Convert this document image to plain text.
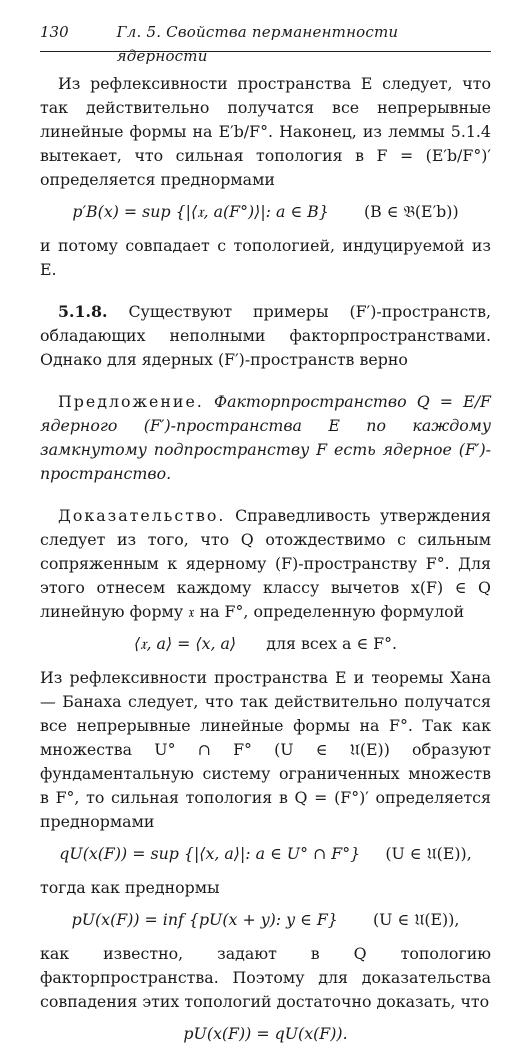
130	Гл. 5. Свойства перманентности ядерности

Из рефлексивности пространства E следует, что так действительно получатся все непрерывные линейные формы на E′b/F°. Наконец, из леммы 5.1.4 вытекает, что сильная топология в F = (E′b/F°)′ определяется преднормами

p′B(x) = sup {|⟨𝔵, a(F°)⟩|: a ∈ B} (B ∈ 𝔅(E′b))

и потому совпадает с топологией, индуцируемой из E.

5.1.8. Существуют примеры (F′)-пространств, обладающих неполными факторпространствами. Однако для ядерных (F′)-пространств верно

Предложение. Факторпространство Q = E/F ядерного (F′)-пространства E по каждому замкнутому подпространству F есть ядерное (F′)-пространство.

Доказательство. Справедливость утверждения следует из того, что Q отождествимо с сильным сопряженным к ядерному (F)-пространству F°. Для этого отнесем каждому классу вычетов x(F) ∈ Q линейную форму 𝔵 на F°, определенную формулой

⟨𝔵, a⟩ = ⟨x, a⟩ для всех a ∈ F°.

Из рефлексивности пространства E и теоремы Хана — Банаха следует, что так действительно получатся все непрерывные линейные формы на F°. Так как множества U° ∩ F° (U ∈ 𝔘(E)) образуют фундаментальную систему ограниченных множеств в F°, то сильная топология в Q = (F°)′ определяется преднормами

qU(x(F)) = sup {|⟨x, a⟩|: a ∈ U° ∩ F°} (U ∈ 𝔘(E)),

тогда как преднормы

pU(x(F)) = inf {pU(x + y): y ∈ F} (U ∈ 𝔘(E)),

как известно, задают в Q топологию факторпространства. Поэтому для доказательства совпадения этих топологий достаточно доказать, что

pU(x(F)) = qU(x(F)).
